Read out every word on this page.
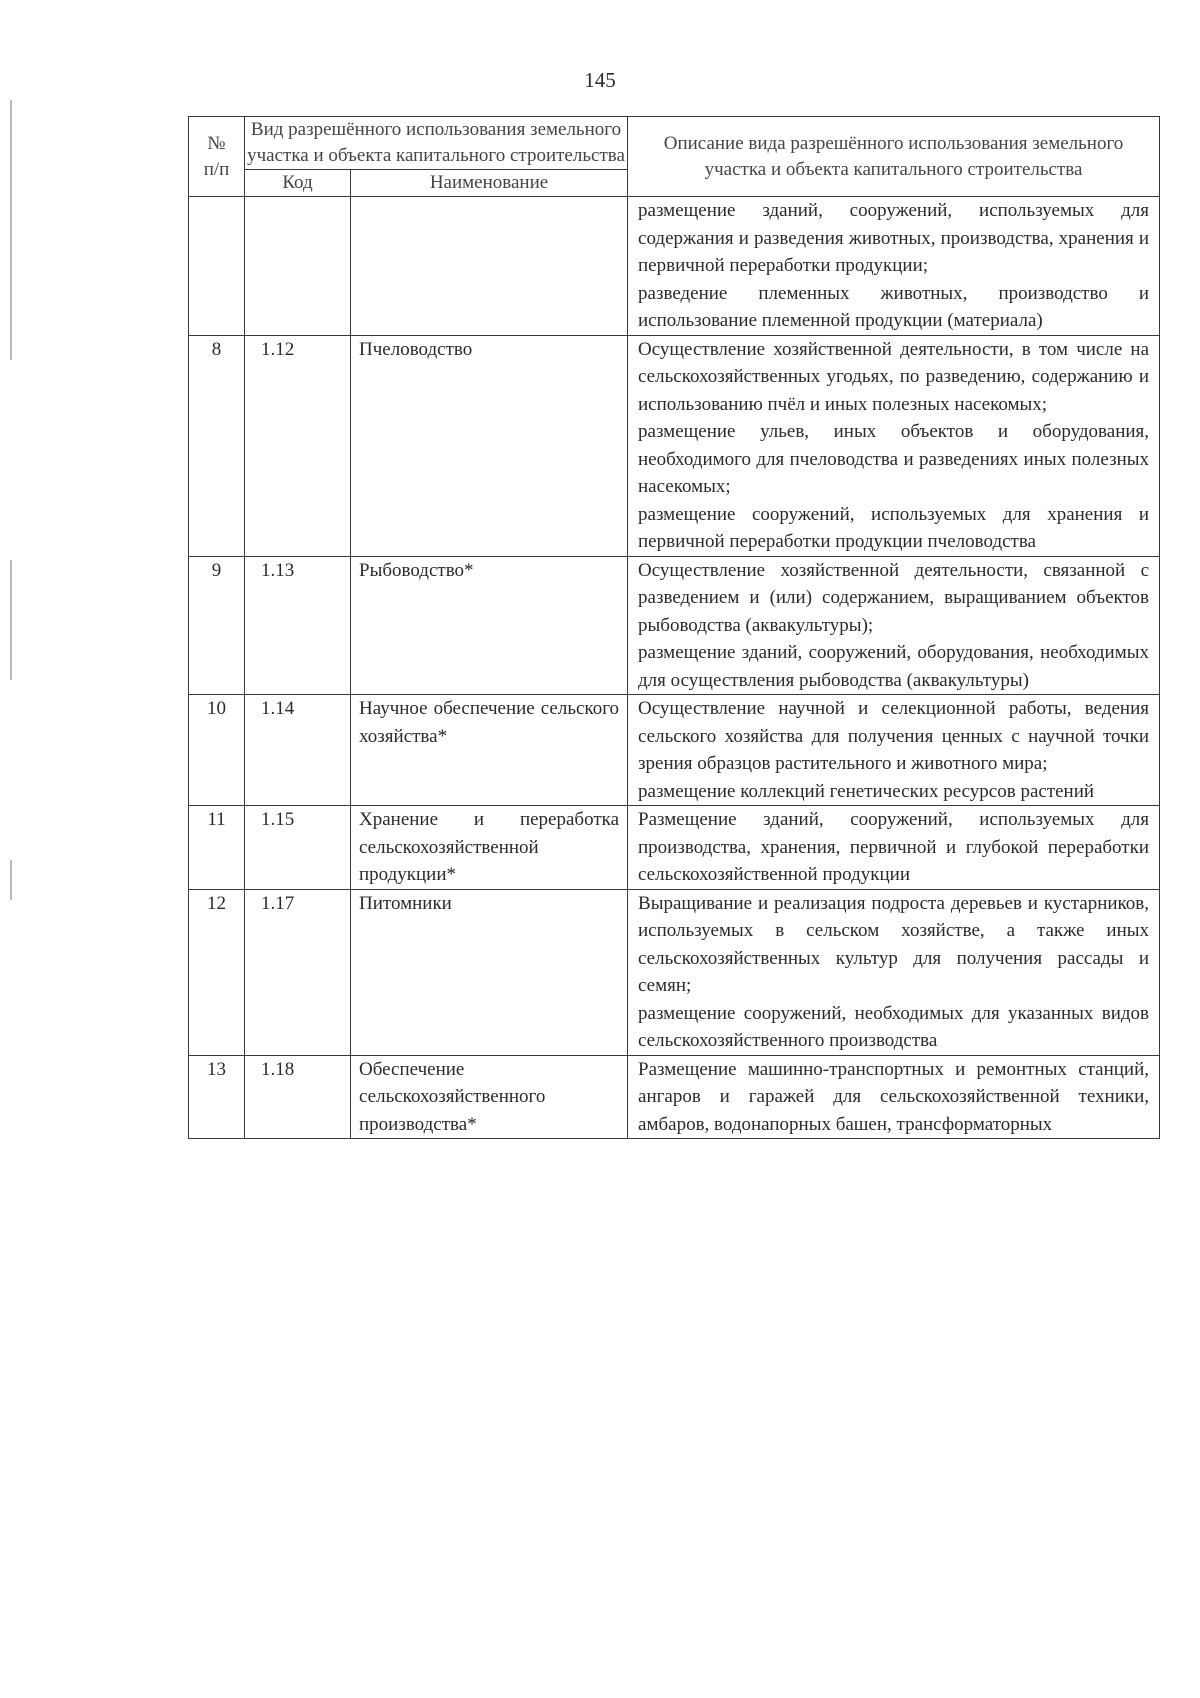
145
№
п/п	Вид разрешённого использования земельного участка и объекта капитального строительства		Описание вида разрешённого использования земельного участка и объекта капитального строительства
	Код	Наименование	

			размещение зданий, сооружений, используемых для содержания и разведения животных, производства, хранения и первичной переработки продукции;
разведение племенных животных, производство и использование племенной продукции (материала)

8	1.12	Пчеловодство	Осуществление хозяйственной деятельности, в том числе на сельскохозяйственных угодьях, по разведению, содержанию и использованию пчёл и иных полезных насекомых;
размещение ульев, иных объектов и оборудования, необходимого для пчеловодства и разведениях иных полезных насекомых;
размещение сооружений, используемых для хранения и первичной переработки продукции пчеловодства

9	1.13	Рыбоводство*	Осуществление хозяйственной деятельности, связанной с разведением и (или) содержанием, выращиванием объектов рыбоводства (аквакультуры);
размещение зданий, сооружений, оборудования, необходимых для осуществления рыбоводства (аквакультуры)

10	1.14	Научное обеспечение сельского хозяйства*	Осуществление научной и селекционной работы, ведения сельского хозяйства для получения ценных с научной точки зрения образцов растительного и животного мира;
размещение коллекций генетических ресурсов растений

11	1.15	Хранение и переработка сельскохозяйственной продукции*	Размещение зданий, сооружений, используемых для производства, хранения, первичной и глубокой переработки сельскохозяйственной продукции

12	1.17	Питомники	Выращивание и реализация подроста деревьев и кустарников, используемых в сельском хозяйстве, а также иных сельскохозяйственных культур для получения рассады и семян;
размещение сооружений, необходимых для указанных видов сельскохозяйственного производства

13	1.18	Обеспечение сельскохозяйственного производства*	Размещение машинно-транспортных и ремонтных станций, ангаров и гаражей для сельскохозяйственной техники, амбаров, водонапорных башен, трансформаторных
